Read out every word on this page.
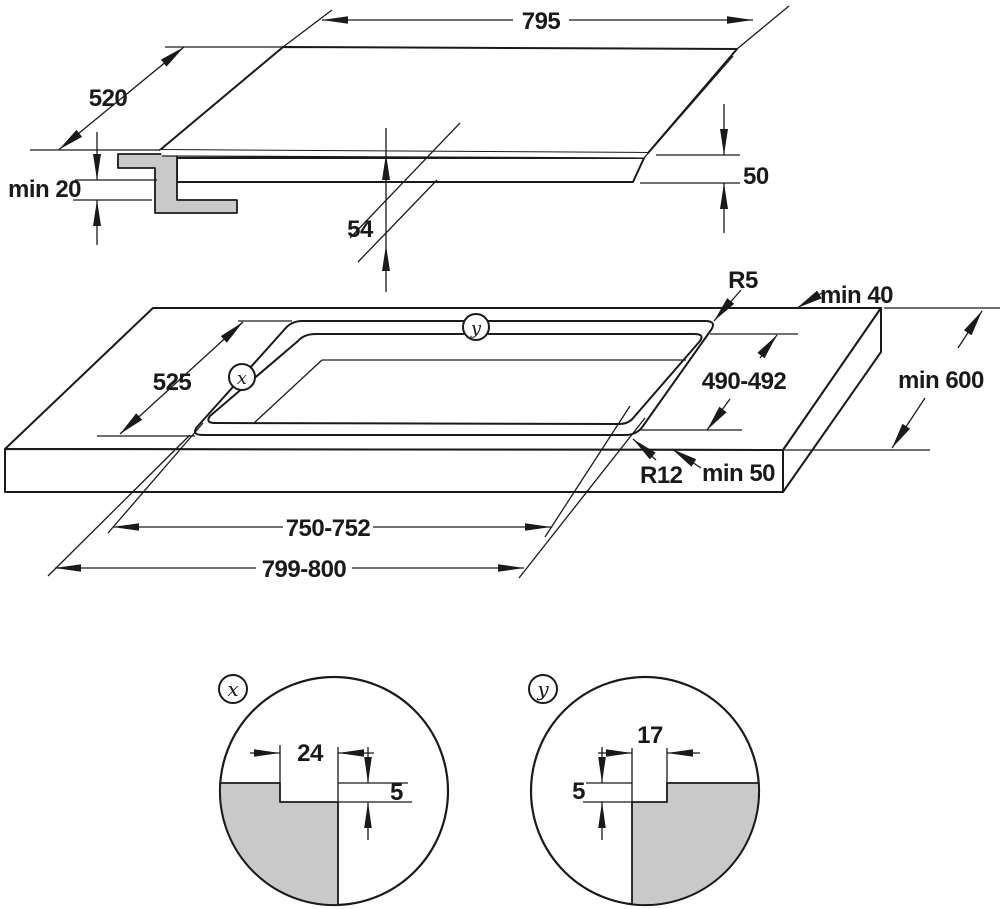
795
520
min 20
54
50
525	490-492	min 600
min 40
R5
R12 min 50
750-752
799-800
x
y
x
24
5
y
17
5
